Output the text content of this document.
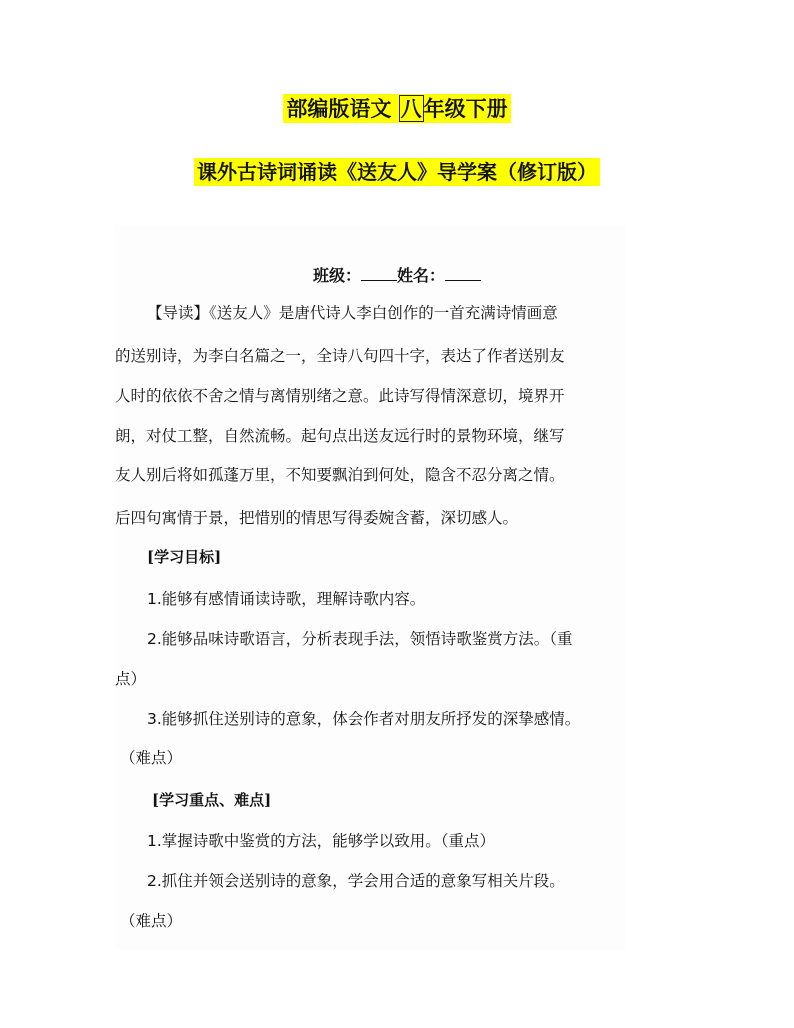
部编版语文 八年级下册
课外古诗词诵读《送友人》导学案（修订版）
班级： 姓名：
【导读】《送友人》是唐代诗人李白创作的一首充满诗情画意
的送别诗，为李白名篇之一，全诗八句四十字，表达了作者送别友
人时的依依不舍之情与离情别绪之意。此诗写得情深意切，境界开
朗，对仗工整，自然流畅。起句点出送友远行时的景物环境，继写
友人别后将如孤蓬万里，不知要飘泊到何处，隐含不忍分离之情。
后四句寓情于景，把惜别的情思写得委婉含蓄，深切感人。
[学习目标]
1.能够有感情诵读诗歌，理解诗歌内容。
2.能够品味诗歌语言，分析表现手法，领悟诗歌鉴赏方法。（重
点）
3.能够抓住送别诗的意象，体会作者对朋友所抒发的深挚感情。
（难点）
[学习重点、难点]
1.掌握诗歌中鉴赏的方法，能够学以致用。（重点）
2.抓住并领会送别诗的意象，学会用合适的意象写相关片段。
（难点）
